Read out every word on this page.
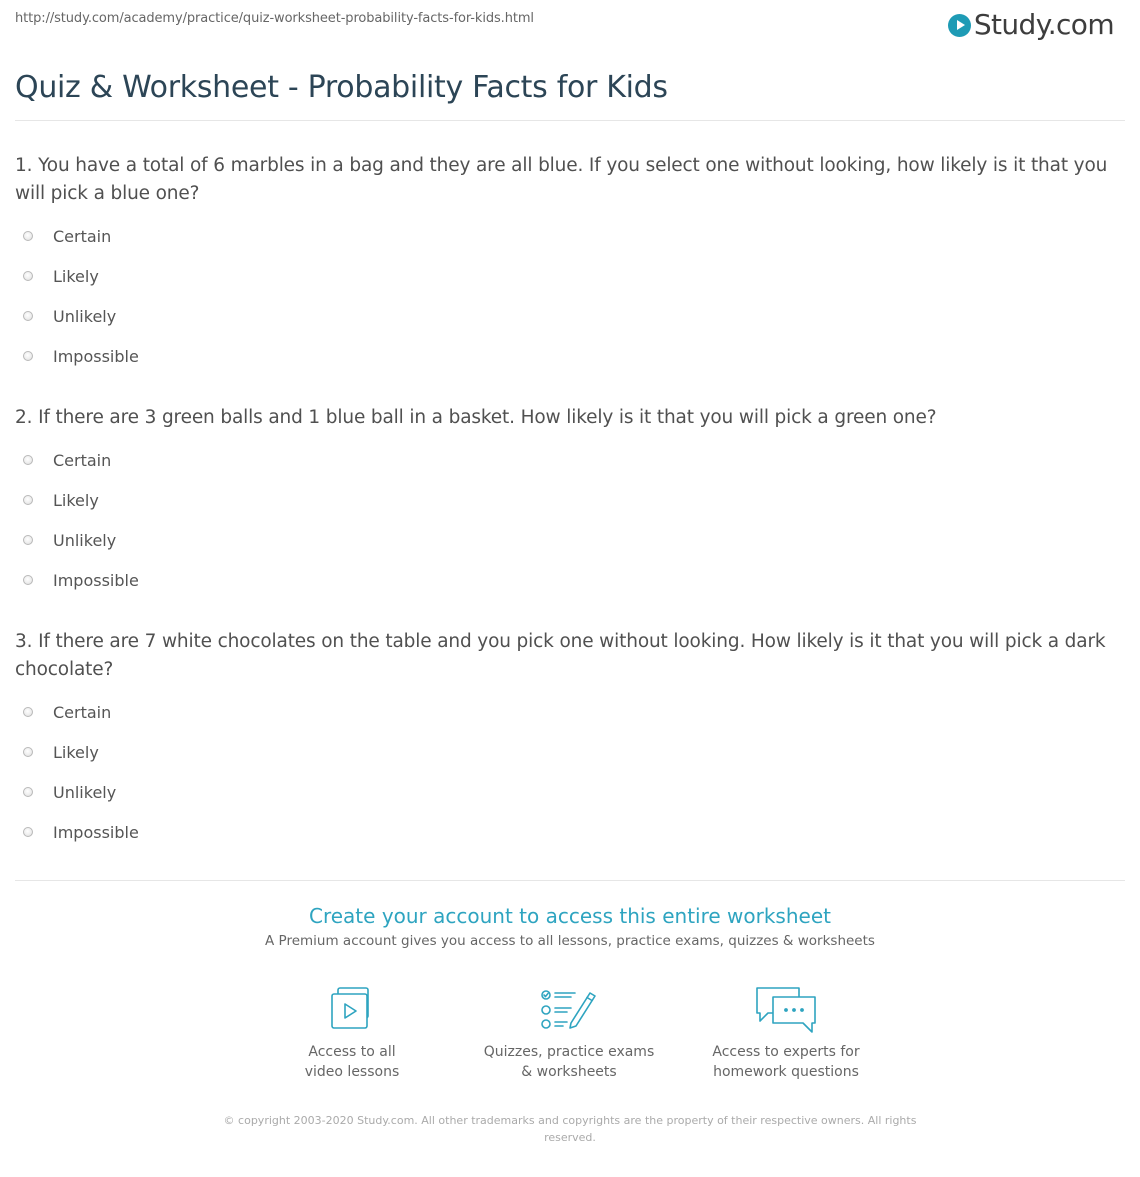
http://study.com/academy/practice/quiz-worksheet-probability-facts-for-kids.html	Study.com
Quiz & Worksheet - Probability Facts for Kids

1. You have a total of 6 marbles in a bag and they are all blue. If you select one without looking, how likely is it that you will pick a blue one?

Certain
Likely
Unlikely
Impossible

2. If there are 3 green balls and 1 blue ball in a basket. How likely is it that you will pick a green one?

Certain
Likely
Unlikely
Impossible

3. If there are 7 white chocolates on the table and you pick one without looking. How likely is it that you will pick a dark chocolate?

Certain
Likely
Unlikely
Impossible

Create your account to access this entire worksheet

A Premium account gives you access to all lessons, practice exams, quizzes & worksheets

Access to all
video lessons
Quizzes, practice exams
& worksheets
Access to experts for
homework questions

© copyright 2003-2020 Study.com. All other trademarks and copyrights are the property of their respective owners. All rights reserved.
